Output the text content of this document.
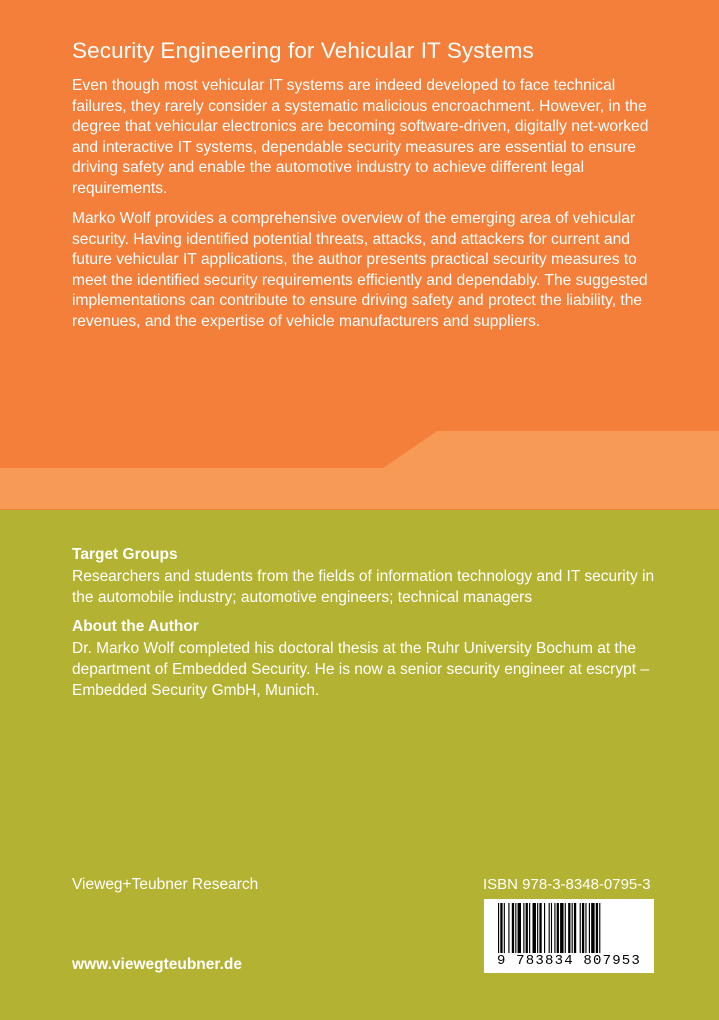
Security Engineering for Vehicular IT Systems

Even though most vehicular IT systems are indeed developed to face technical failures, they rarely consider a systematic malicious encroachment. However, in the degree that vehicular electronics are becoming software-driven, digitally net-worked and interactive IT systems, dependable security measures are essential to ensure driving safety and enable the automotive industry to achieve different legal requirements.

Marko Wolf provides a comprehensive overview of the emerging area of vehicular security. Having identified potential threats, attacks, and attackers for current and future vehicular IT applications, the author presents practical security measures to meet the identified security requirements efficiently and dependably. The suggested implementations can contribute to ensure driving safety and protect the liability, the revenues, and the expertise of vehicle manufacturers and suppliers.

Target Groups

Researchers and students from the fields of information technology and IT security in the automobile industry; automotive engineers; technical managers

About the Author

Dr. Marko Wolf completed his doctoral thesis at the Ruhr University Bochum at the department of Embedded Security. He is now a senior security engineer at escrypt – Embedded Security GmbH, Munich.

Vieweg+Teubner Research
www.viewegteubner.de
ISBN 978-3-8348-0795-3
9 783834 807953
